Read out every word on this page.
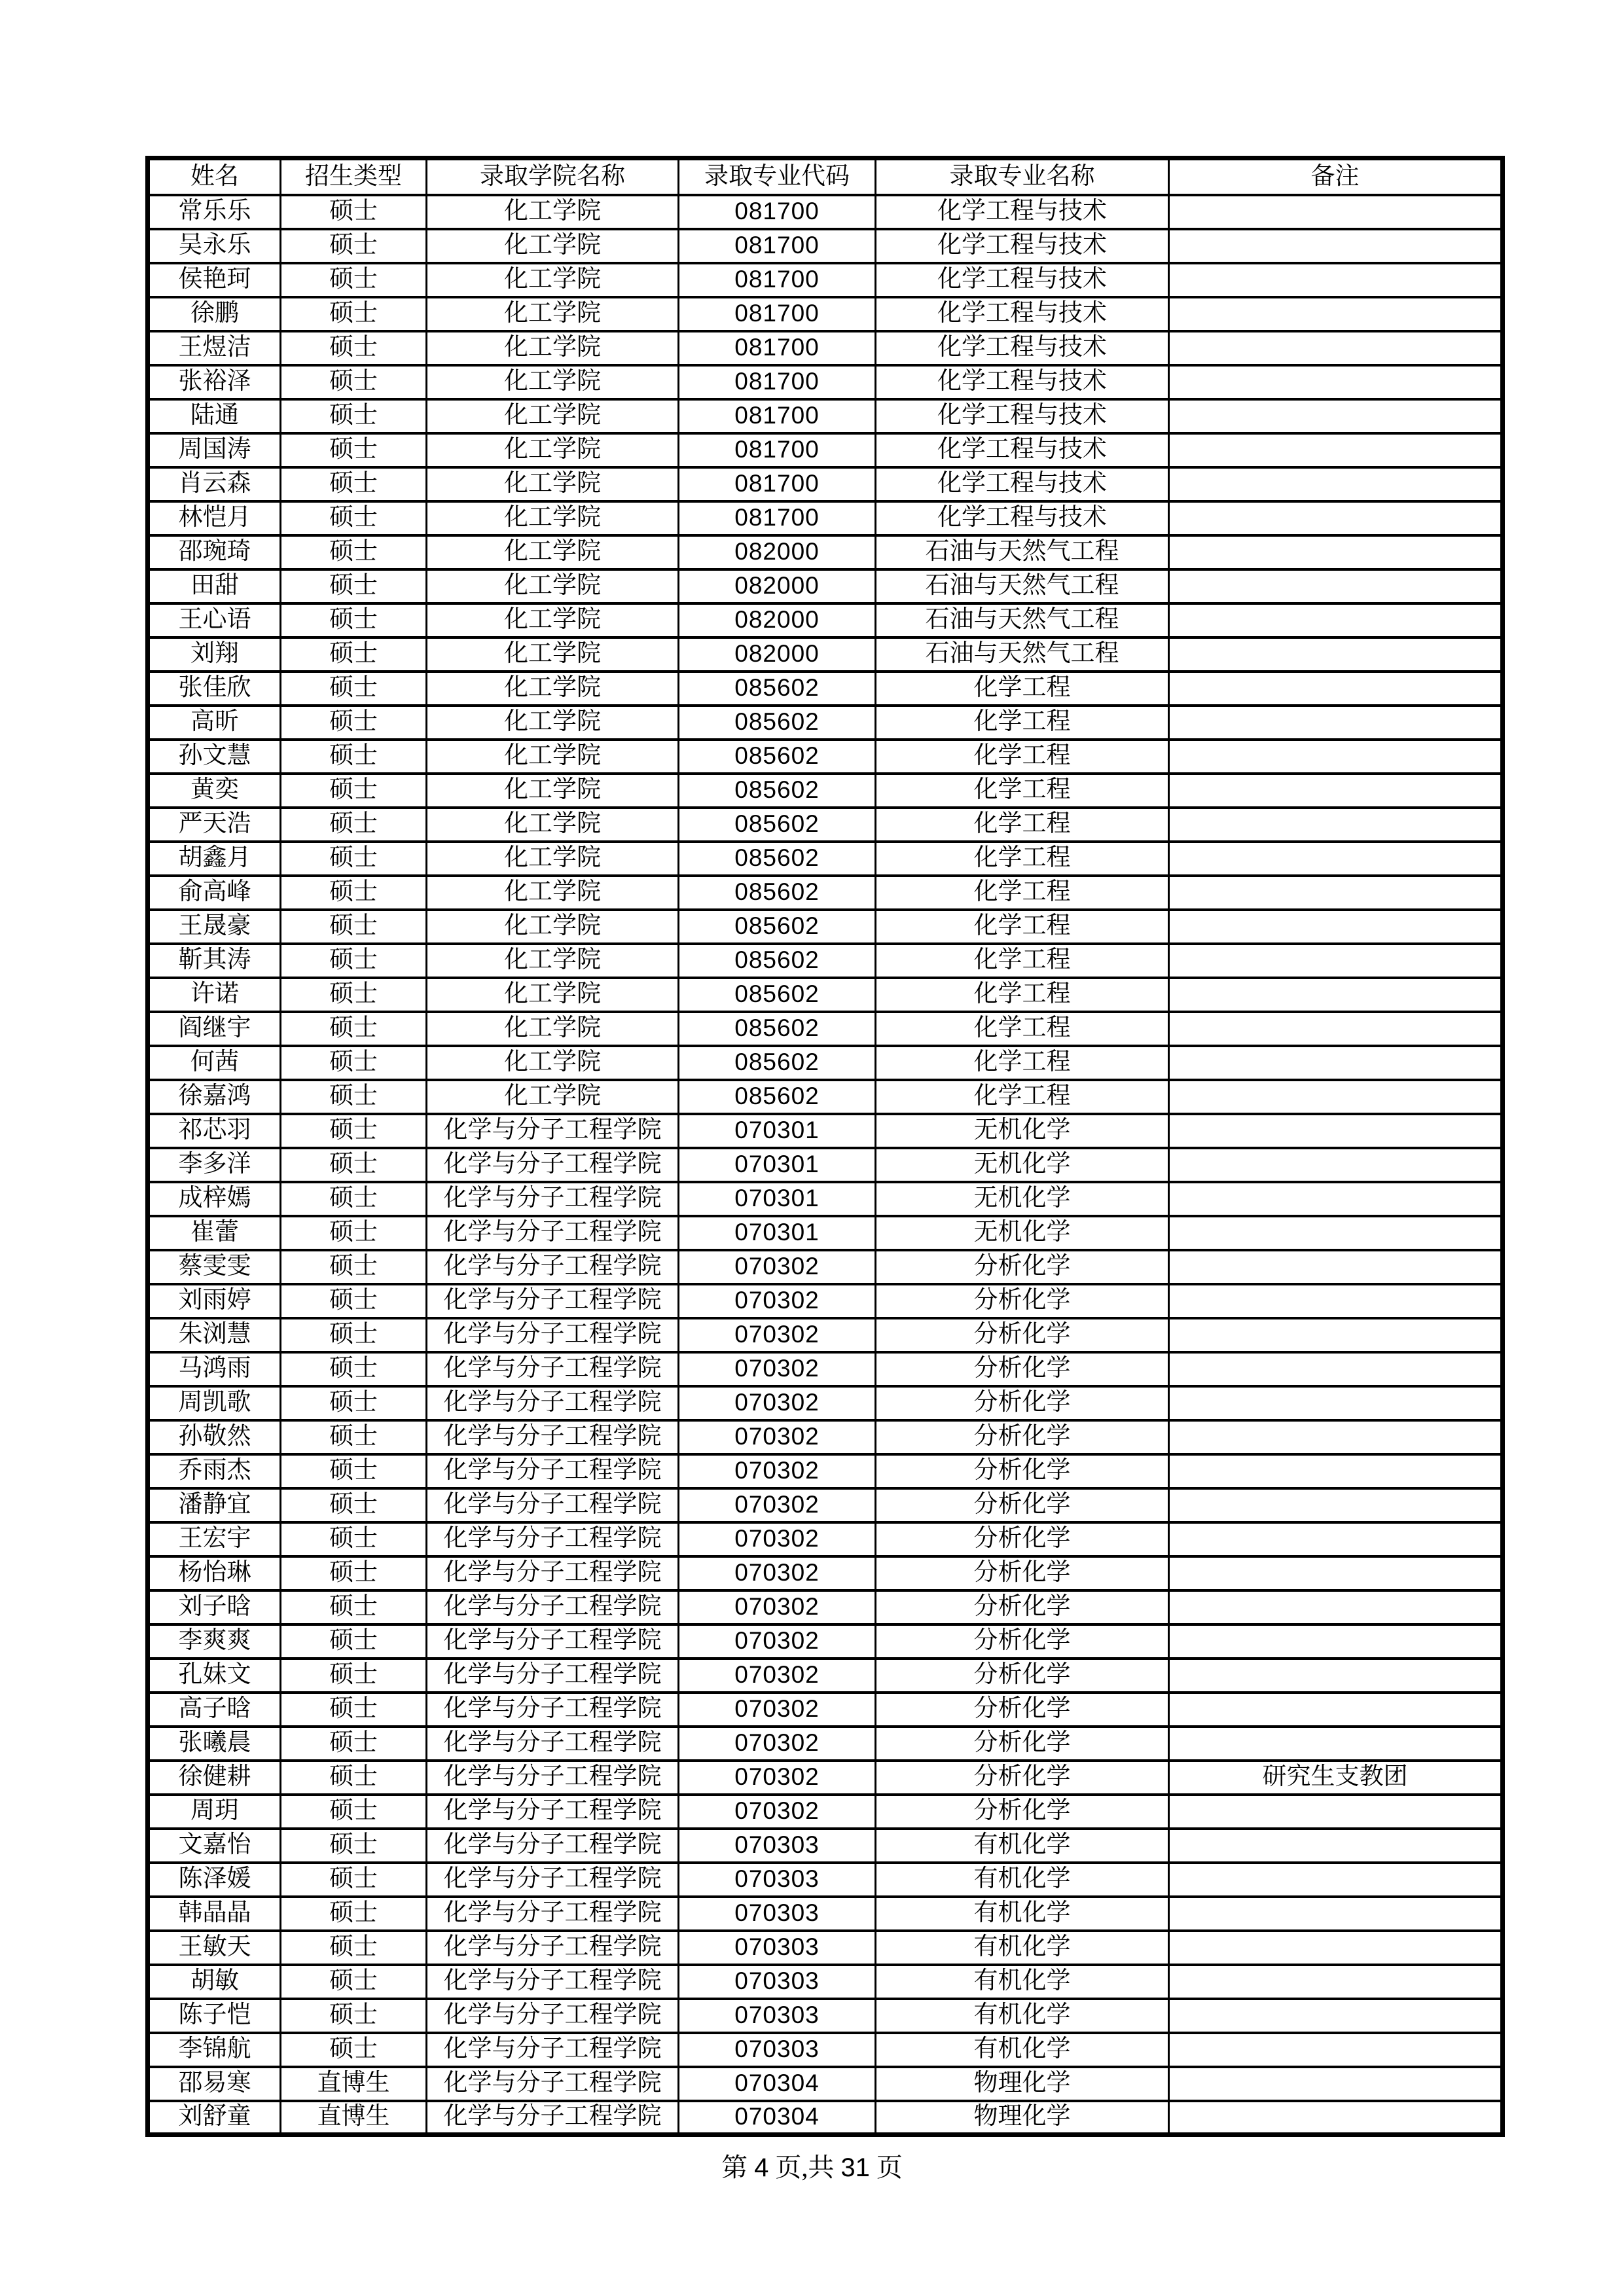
姓名	招生类型	录取学院名称	录取专业代码	录取专业名称	备注
常乐乐	硕士	化工学院	081700	化学工程与技术	
吴永乐	硕士	化工学院	081700	化学工程与技术	
侯艳珂	硕士	化工学院	081700	化学工程与技术	
徐鹏	硕士	化工学院	081700	化学工程与技术	
王煜洁	硕士	化工学院	081700	化学工程与技术	
张裕泽	硕士	化工学院	081700	化学工程与技术	
陆通	硕士	化工学院	081700	化学工程与技术	
周国涛	硕士	化工学院	081700	化学工程与技术	
肖云森	硕士	化工学院	081700	化学工程与技术	
林恺月	硕士	化工学院	081700	化学工程与技术	
邵琬琦	硕士	化工学院	082000	石油与天然气工程	
田甜	硕士	化工学院	082000	石油与天然气工程	
王心语	硕士	化工学院	082000	石油与天然气工程	
刘翔	硕士	化工学院	082000	石油与天然气工程	
张佳欣	硕士	化工学院	085602	化学工程	
高昕	硕士	化工学院	085602	化学工程	
孙文慧	硕士	化工学院	085602	化学工程	
黄奕	硕士	化工学院	085602	化学工程	
严天浩	硕士	化工学院	085602	化学工程	
胡鑫月	硕士	化工学院	085602	化学工程	
俞高峰	硕士	化工学院	085602	化学工程	
王晟豪	硕士	化工学院	085602	化学工程	
靳其涛	硕士	化工学院	085602	化学工程	
许诺	硕士	化工学院	085602	化学工程	
阎继宇	硕士	化工学院	085602	化学工程	
何茜	硕士	化工学院	085602	化学工程	
徐嘉鸿	硕士	化工学院	085602	化学工程	
祁芯羽	硕士	化学与分子工程学院	070301	无机化学	
李多洋	硕士	化学与分子工程学院	070301	无机化学	
成梓嫣	硕士	化学与分子工程学院	070301	无机化学	
崔蕾	硕士	化学与分子工程学院	070301	无机化学	
蔡雯雯	硕士	化学与分子工程学院	070302	分析化学	
刘雨婷	硕士	化学与分子工程学院	070302	分析化学	
朱浏慧	硕士	化学与分子工程学院	070302	分析化学	
马鸿雨	硕士	化学与分子工程学院	070302	分析化学	
周凯歌	硕士	化学与分子工程学院	070302	分析化学	
孙敬然	硕士	化学与分子工程学院	070302	分析化学	
乔雨杰	硕士	化学与分子工程学院	070302	分析化学	
潘静宜	硕士	化学与分子工程学院	070302	分析化学	
王宏宇	硕士	化学与分子工程学院	070302	分析化学	
杨怡琳	硕士	化学与分子工程学院	070302	分析化学	
刘子晗	硕士	化学与分子工程学院	070302	分析化学	
李爽爽	硕士	化学与分子工程学院	070302	分析化学	
孔妹文	硕士	化学与分子工程学院	070302	分析化学	
高子晗	硕士	化学与分子工程学院	070302	分析化学	
张曦晨	硕士	化学与分子工程学院	070302	分析化学	
徐健耕	硕士	化学与分子工程学院	070302	分析化学	研究生支教团
周玥	硕士	化学与分子工程学院	070302	分析化学	
文嘉怡	硕士	化学与分子工程学院	070303	有机化学	
陈泽媛	硕士	化学与分子工程学院	070303	有机化学	
韩晶晶	硕士	化学与分子工程学院	070303	有机化学	
王敏天	硕士	化学与分子工程学院	070303	有机化学	
胡敏	硕士	化学与分子工程学院	070303	有机化学	
陈子恺	硕士	化学与分子工程学院	070303	有机化学	
李锦航	硕士	化学与分子工程学院	070303	有机化学	
邵易寒	直博生	化学与分子工程学院	070304	物理化学	
刘舒童	直博生	化学与分子工程学院	070304	物理化学	
第 4 页,共 31 页
